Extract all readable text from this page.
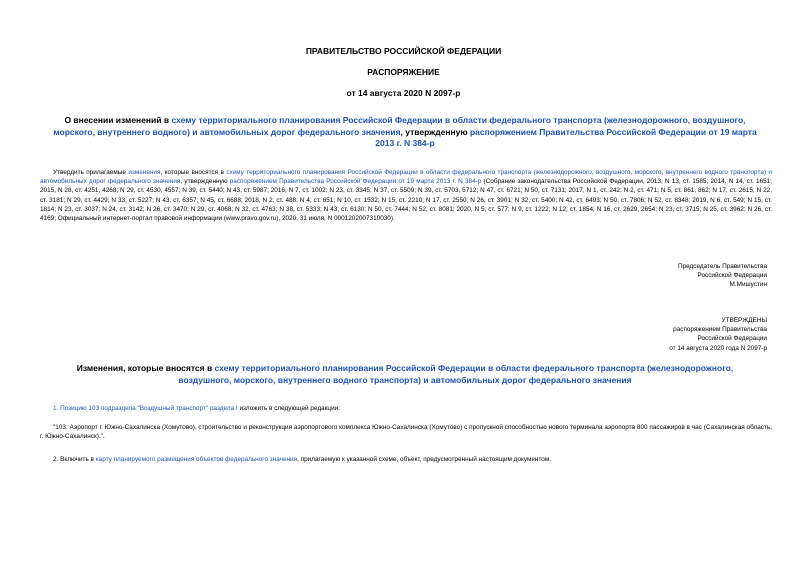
ПРАВИТЕЛЬСТВО РОССИЙСКОЙ ФЕДЕРАЦИИ
РАСПОРЯЖЕНИЕ
от 14 августа 2020 N 2097-р
О внесении изменений в схему территориального планирования Российской Федерации в области федерального транспорта (железнодорожного, воздушного, морского, внутреннего водного) и автомобильных дорог федерального значения, утвержденную распоряжением Правительства Российской Федерации от 19 марта 2013 г. N 384-р
Утвердить прилагаемые изменения, которые вносятся в схему территориального планирования Российской Федерации в области федерального транспорта (железнодорожного, воздушного, морского, внутреннего водного транспорта) и автомобильных дорог федерального значения, утвержденную распоряжением Правительства Российской Федерации от 19 марта 2013 г. N 384-р (Собрание законодательства Российской Федерации, 2013, N 13, ст. 1585; 2014, N 14, ст. 1651; 2015, N 28, ст. 4251, 4268; N 29, ст. 4530, 4557; N 39, ст. 5440; N 43, ст. 5987; 2016, N 7, ст. 1002; N 23, ст. 3345; N 37, ст. 5509; N 39, ст. 5703, 5712; N 47, ст. 6721; N 50, ст. 7131; 2017, N 1, ст. 242; N 2, ст. 471; N 5, ст. 861, 862; N 17, ст. 2615; N 22, ст. 3181; N 29, ст. 4429; N 33, ст. 5227; N 43, ст. 6357; N 45, ст. 6688; 2018, N 2, ст. 488; N 4, ст. 651; N 10, ст. 1532; N 15, ст. 2210; N 17, ст. 2550; N 26, ст. 3901; N 32, ст. 5400; N 42, ст. 6493; N 50, ст. 7806; N 52, ст. 8348; 2019, N 6, ст. 549; N 15, ст. 1814; N 23, ст. 3037; N 24, ст. 3142; N 26, ст. 3470; N 29, ст. 4068; N 32, ст. 4763; N 38, ст. 5333; N 43, ст. 6130; N 50, ст. 7444; N 52, ст. 8081; 2020, N 5, ст. 577; N 9, ст. 1222; N 12, ст. 1854; N 16, ст. 2629, 2654; N 23, ст. 3715; N 25, ст. 3962; N 26, ст. 4169; Официальный интернет-портал правовой информации (www.pravo.gov.ru), 2020, 31 июля, N 0001202007310030).
Председатель Правительства
Российской Федерации
М.Мишустин
УТВЕРЖДЕНЫ
распоряжением Правительства
Российской Федерации
от 14 августа 2020 года N 2097-р
Изменения, которые вносятся в схему территориального планирования Российской Федерации в области федерального транспорта (железнодорожного, воздушного, морского, внутреннего водного транспорта) и автомобильных дорог федерального значения
1. Позицию 103 подраздела "Воздушный транспорт" раздела I изложить в следующей редакции:
"103. Аэропорт г. Южно-Сахалинска (Хомутово), строительство и реконструкция аэропортового комплекса Южно-Сахалинска (Хомутово) с пропускной способностью нового терминала аэропорта 800 пассажиров в час (Сахалинская область, г. Южно-Сахалинск).".
2. Включить в карту планируемого размещения объектов федерального значения, прилагаемую к указанной схеме, объект, предусмотренный настоящим документом.
